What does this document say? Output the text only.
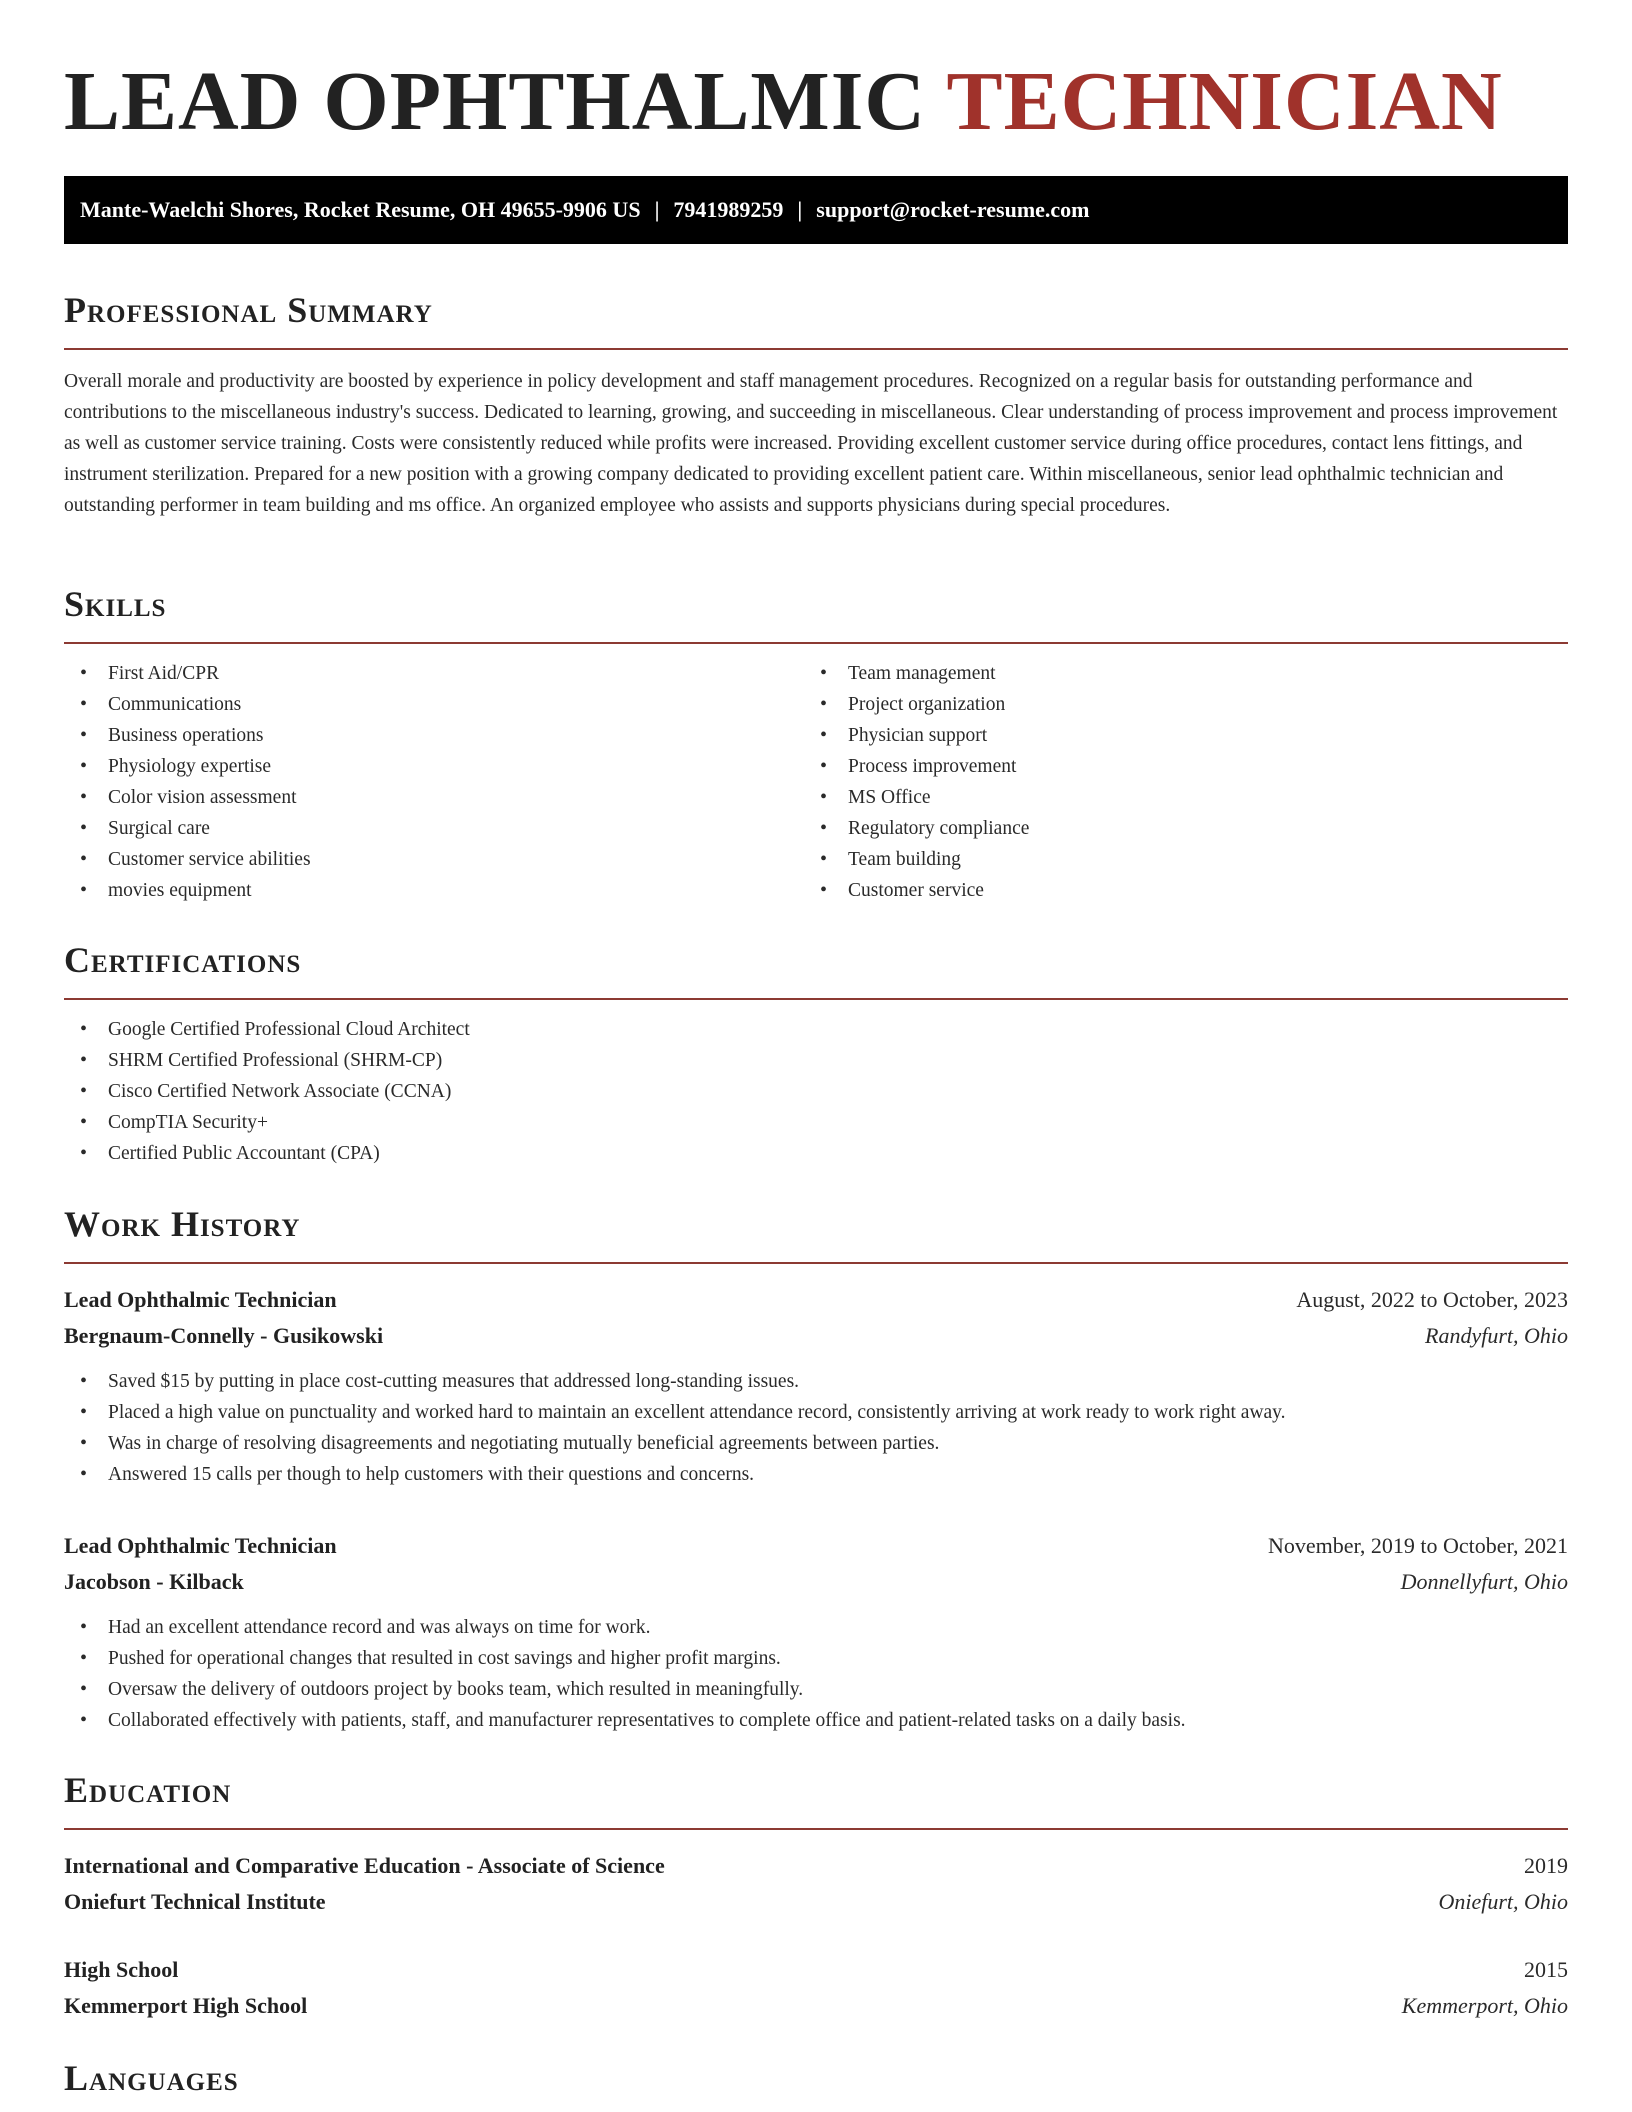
LEAD OPHTHALMIC TECHNICIAN
Mante-Waelchi Shores, Rocket Resume, OH 49655-9906 US | 7941989259 | support@rocket-resume.com
Professional Summary
Overall morale and productivity are boosted by experience in policy development and staff management procedures. Recognized on a regular basis for outstanding performance and contributions to the miscellaneous industry's success. Dedicated to learning, growing, and succeeding in miscellaneous. Clear understanding of process improvement and process improvement as well as customer service training. Costs were consistently reduced while profits were increased. Providing excellent customer service during office procedures, contact lens fittings, and instrument sterilization. Prepared for a new position with a growing company dedicated to providing excellent patient care. Within miscellaneous, senior lead ophthalmic technician and outstanding performer in team building and ms office. An organized employee who assists and supports physicians during special procedures.
Skills
• First Aid/CPR
• Communications
• Business operations
• Physiology expertise
• Color vision assessment
• Surgical care
• Customer service abilities
• movies equipment
• Team management
• Project organization
• Physician support
• Process improvement
• MS Office
• Regulatory compliance
• Team building
• Customer service
Certifications
• Google Certified Professional Cloud Architect
• SHRM Certified Professional (SHRM-CP)
• Cisco Certified Network Associate (CCNA)
• CompTIA Security+
• Certified Public Accountant (CPA)
Work History
Lead Ophthalmic Technician	August, 2022 to October, 2023
Bergnaum-Connelly - Gusikowski	Randyfurt, Ohio
• Saved $15 by putting in place cost-cutting measures that addressed long-standing issues.
• Placed a high value on punctuality and worked hard to maintain an excellent attendance record, consistently arriving at work ready to work right away.
• Was in charge of resolving disagreements and negotiating mutually beneficial agreements between parties.
• Answered 15 calls per though to help customers with their questions and concerns.
Lead Ophthalmic Technician	November, 2019 to October, 2021
Jacobson - Kilback	Donnellyfurt, Ohio
• Had an excellent attendance record and was always on time for work.
• Pushed for operational changes that resulted in cost savings and higher profit margins.
• Oversaw the delivery of outdoors project by books team, which resulted in meaningfully.
• Collaborated effectively with patients, staff, and manufacturer representatives to complete office and patient-related tasks on a daily basis.
Education
International and Comparative Education - Associate of Science	2019
Oniefurt Technical Institute	Oniefurt, Ohio
High School	2015
Kemmerport High School	Kemmerport, Ohio
Languages
